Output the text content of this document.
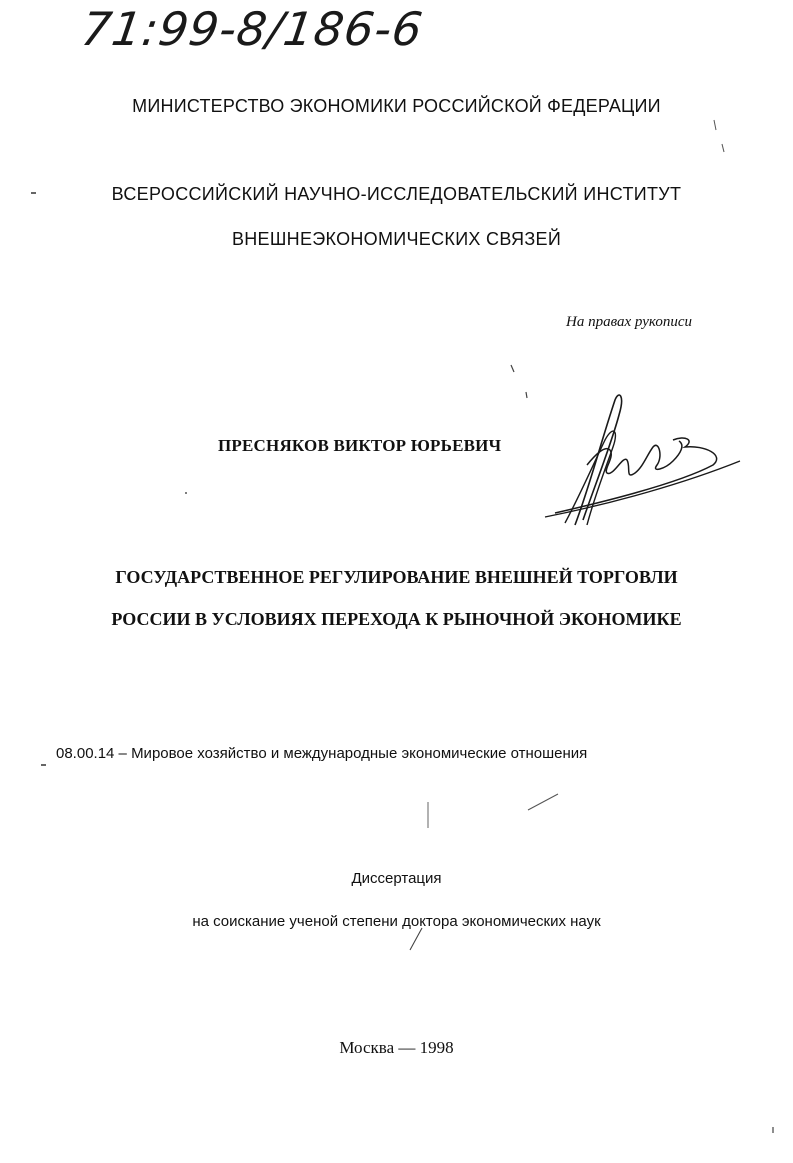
71:99-8/186-6
МИНИСТЕРСТВО ЭКОНОМИКИ РОССИЙСКОЙ ФЕДЕРАЦИИ
ВСЕРОССИЙСКИЙ НАУЧНО-ИССЛЕДОВАТЕЛЬСКИЙ ИНСТИТУТ
ВНЕШНЕЭКОНОМИЧЕСКИХ СВЯЗЕЙ
На правах рукописи
ПРЕСНЯКОВ ВИКТОР ЮРЬЕВИЧ
ГОСУДАРСТВЕННОЕ РЕГУЛИРОВАНИЕ ВНЕШНЕЙ ТОРГОВЛИ
РОССИИ В УСЛОВИЯХ ПЕРЕХОДА К РЫНОЧНОЙ ЭКОНОМИКЕ
08.00.14 – Мировое хозяйство и международные экономические отношения
Диссертация
на соискание ученой степени доктора экономических наук
Москва — 1998
